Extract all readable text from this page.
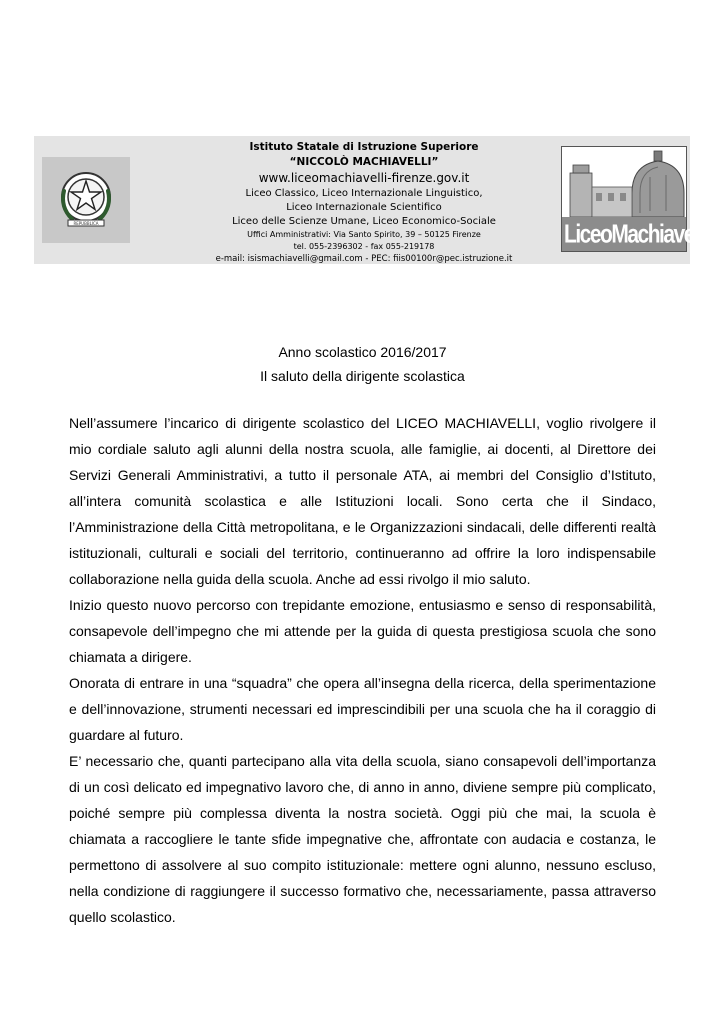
REPUBBLICA
Istituto Statale di Istruzione Superiore
“NICCOLÒ MACHIAVELLI”
www.liceomachiavelli-firenze.gov.it
Liceo Classico, Liceo Internazionale Linguistico,
Liceo Internazionale Scientifico
Liceo delle Scienze Umane, Liceo Economico-Sociale
Uffici Amministrativi: Via Santo Spirito, 39 – 50125 Firenze
tel. 055-2396302 - fax 055-219178
e-mail: isismachiavelli@gmail.com - PEC: fiis00100r@pec.istruzione.it
LiceoMachiavelli
Anno scolastico 2016/2017
Il saluto della dirigente scolastica

Nell’assumere l’incarico di dirigente scolastico del LICEO MACHIAVELLI, voglio rivolgere il mio cordiale saluto agli alunni della nostra scuola, alle famiglie, ai docenti, al Direttore dei Servizi Generali Amministrativi, a tutto il personale ATA, ai membri del Consiglio d’Istituto, all’intera comunità scolastica e alle Istituzioni locali. Sono certa che il Sindaco, l’Amministrazione della Città metropolitana, e le Organizzazioni sindacali, delle differenti realtà istituzionali, culturali e sociali del territorio, continueranno ad offrire la loro indispensabile collaborazione nella guida della scuola. Anche ad essi rivolgo il mio saluto.

Inizio questo nuovo percorso con trepidante emozione, entusiasmo e senso di responsabilità, consapevole dell’impegno che mi attende per la guida di questa prestigiosa scuola che sono chiamata a dirigere.

Onorata di entrare in una “squadra” che opera all’insegna della ricerca, della sperimentazione e dell’innovazione, strumenti necessari ed imprescindibili per una scuola che ha il coraggio di guardare al futuro.

E’ necessario che, quanti partecipano alla vita della scuola, siano consapevoli dell’importanza di un così delicato ed impegnativo lavoro che, di anno in anno, diviene sempre più complicato, poiché sempre più complessa diventa la nostra società. Oggi più che mai, la scuola è chiamata a raccogliere le tante sfide impegnative che, affrontate con audacia e costanza, le permettono di assolvere al suo compito istituzionale: mettere ogni alunno, nessuno escluso, nella condizione di raggiungere il successo formativo che, necessariamente, passa attraverso quello scolastico.
